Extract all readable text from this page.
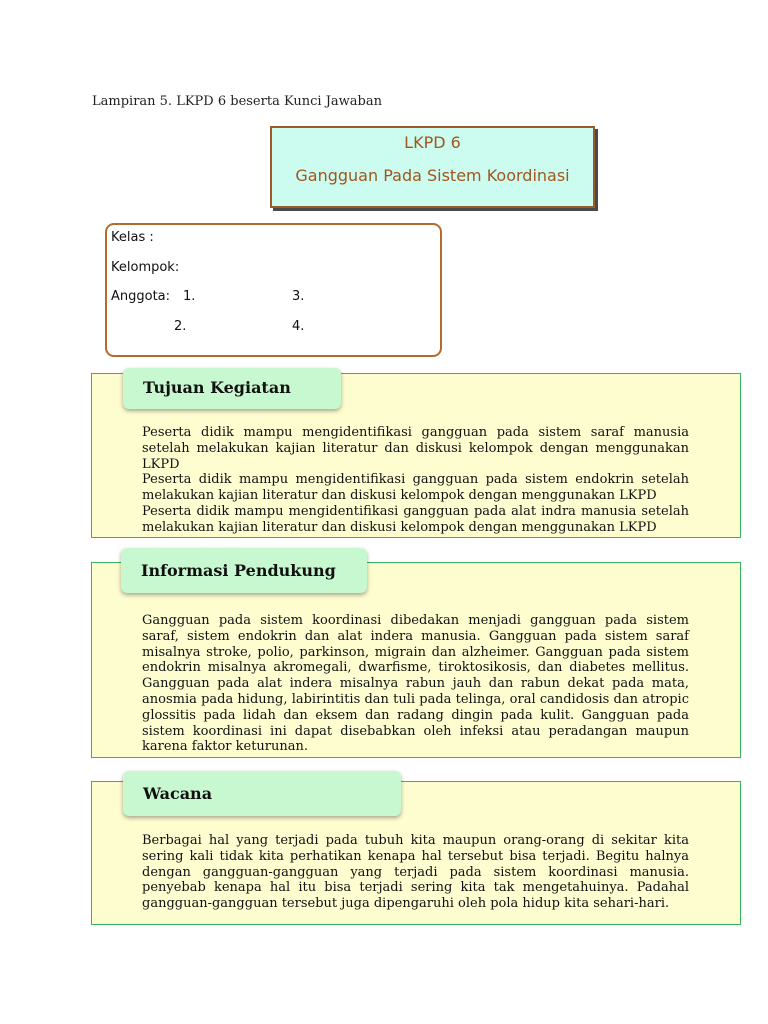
Lampiran 5. LKPD 6 beserta Kunci Jawaban
LKPD 6
Gangguan Pada Sistem Koordinasi
Kelas :
Kelompok:
Anggota: 1.	3.
2.	4.

Peserta didik mampu mengidentifikasi gangguan pada sistem saraf manusia setelah melakukan kajian literatur dan diskusi kelompok dengan menggunakan LKPD

Peserta didik mampu mengidentifikasi gangguan pada sistem endokrin setelah melakukan kajian literatur dan diskusi kelompok dengan menggunakan LKPD

Peserta didik mampu mengidentifikasi gangguan pada alat indra manusia setelah melakukan kajian literatur dan diskusi kelompok dengan menggunakan LKPD

Tujuan Kegiatan
Gangguan pada sistem koordinasi dibedakan menjadi gangguan pada sistem saraf, sistem endokrin dan alat indera manusia. Gangguan pada sistem saraf misalnya stroke, polio, parkinson, migrain dan alzheimer. Gangguan pada sistem endokrin misalnya akromegali, dwarfisme, tiroktosikosis, dan diabetes mellitus. Gangguan pada alat indera misalnya rabun jauh dan rabun dekat pada mata, anosmia pada hidung, labirintitis dan tuli pada telinga, oral candidosis dan atropic glossitis pada lidah dan eksem dan radang dingin pada kulit. Gangguan pada sistem koordinasi ini dapat disebabkan oleh infeksi atau peradangan maupun karena faktor keturunan.
Informasi Pendukung
Berbagai hal yang terjadi pada tubuh kita maupun orang-orang di sekitar kita sering kali tidak kita perhatikan kenapa hal tersebut bisa terjadi. Begitu halnya dengan gangguan-gangguan yang terjadi pada sistem koordinasi manusia. penyebab kenapa hal itu bisa terjadi sering kita tak mengetahuinya. Padahal gangguan-gangguan tersebut juga dipengaruhi oleh pola hidup kita sehari-hari.
Wacana
